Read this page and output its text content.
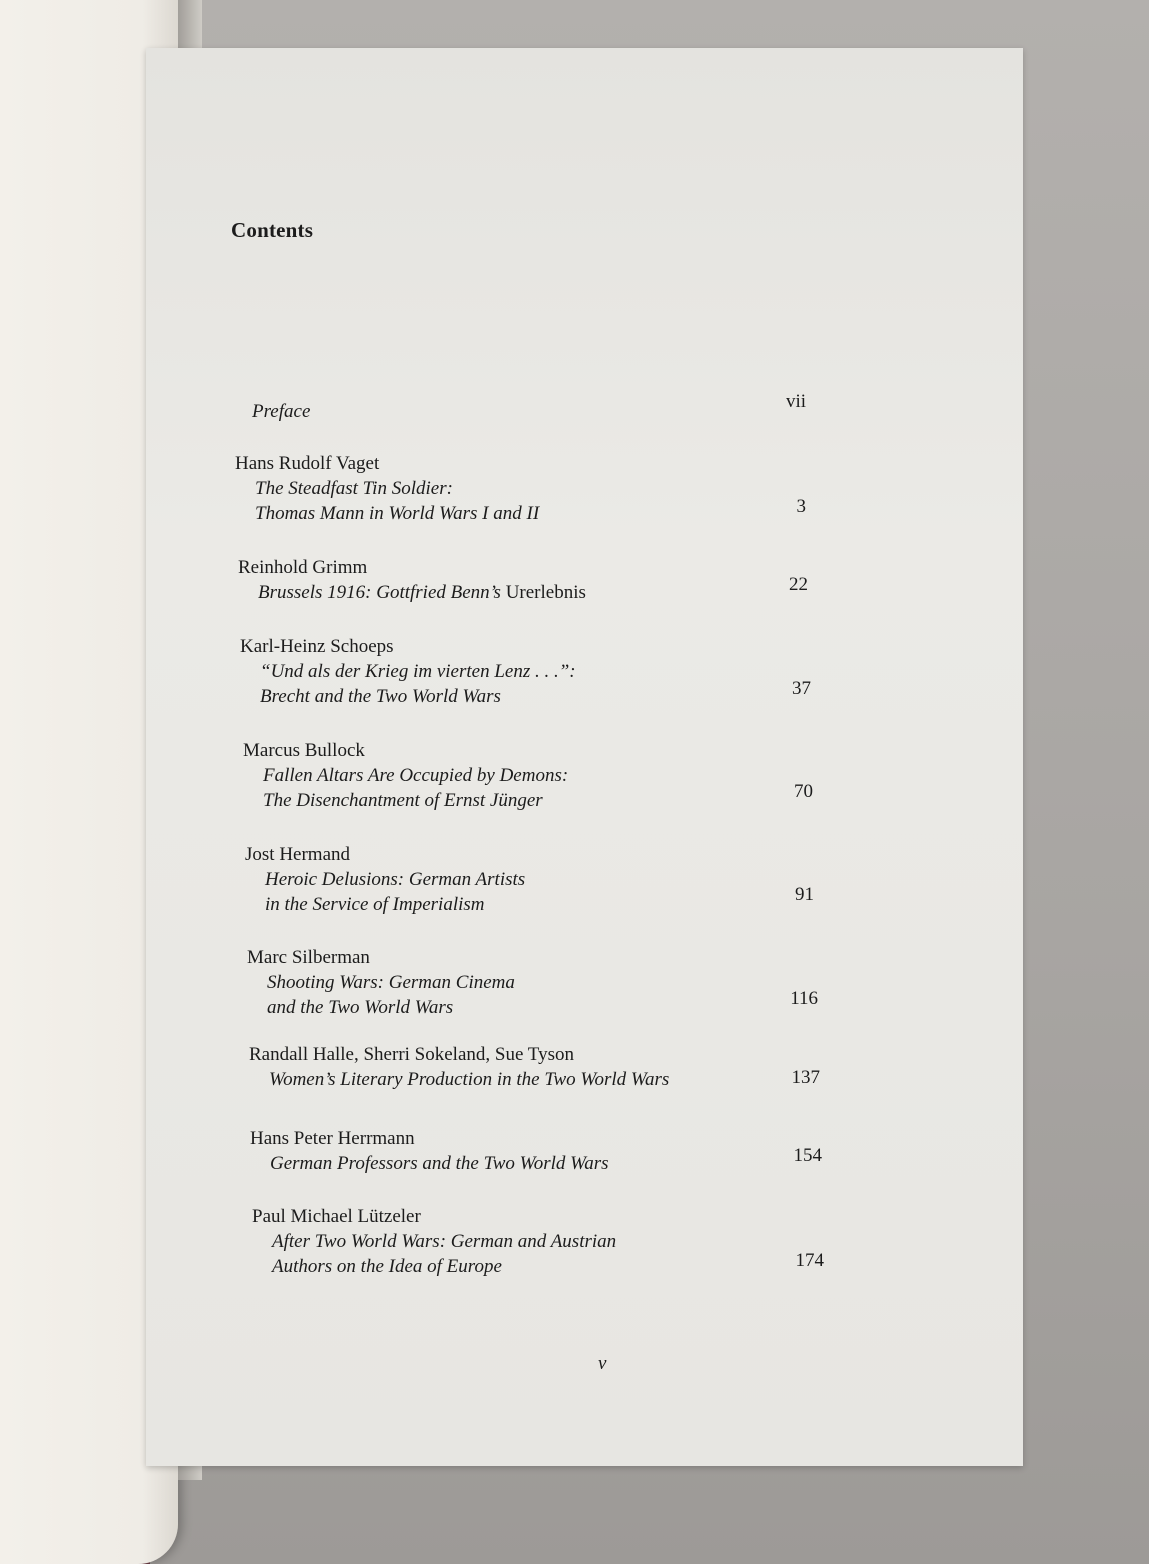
Contents
Preface	vii
Hans Rudolf Vaget
The Steadfast Tin Soldier:
Thomas Mann in World Wars I and II	3
Reinhold Grimm
Brussels 1916: Gottfried Benn’s Urerlebnis	22
Karl-Heinz Schoeps
“Und als der Krieg im vierten Lenz . . .”:
Brecht and the Two World Wars	37
Marcus Bullock
Fallen Altars Are Occupied by Demons:
The Disenchantment of Ernst Jünger	70
Jost Hermand
Heroic Delusions: German Artists
in the Service of Imperialism	91
Marc Silberman
Shooting Wars: German Cinema
and the Two World Wars	116
Randall Halle, Sherri Sokeland, Sue Tyson
Women’s Literary Production in the Two World Wars	137
Hans Peter Herrmann
German Professors and the Two World Wars	154
Paul Michael Lützeler
After Two World Wars: German and Austrian
Authors on the Idea of Europe	174
v
